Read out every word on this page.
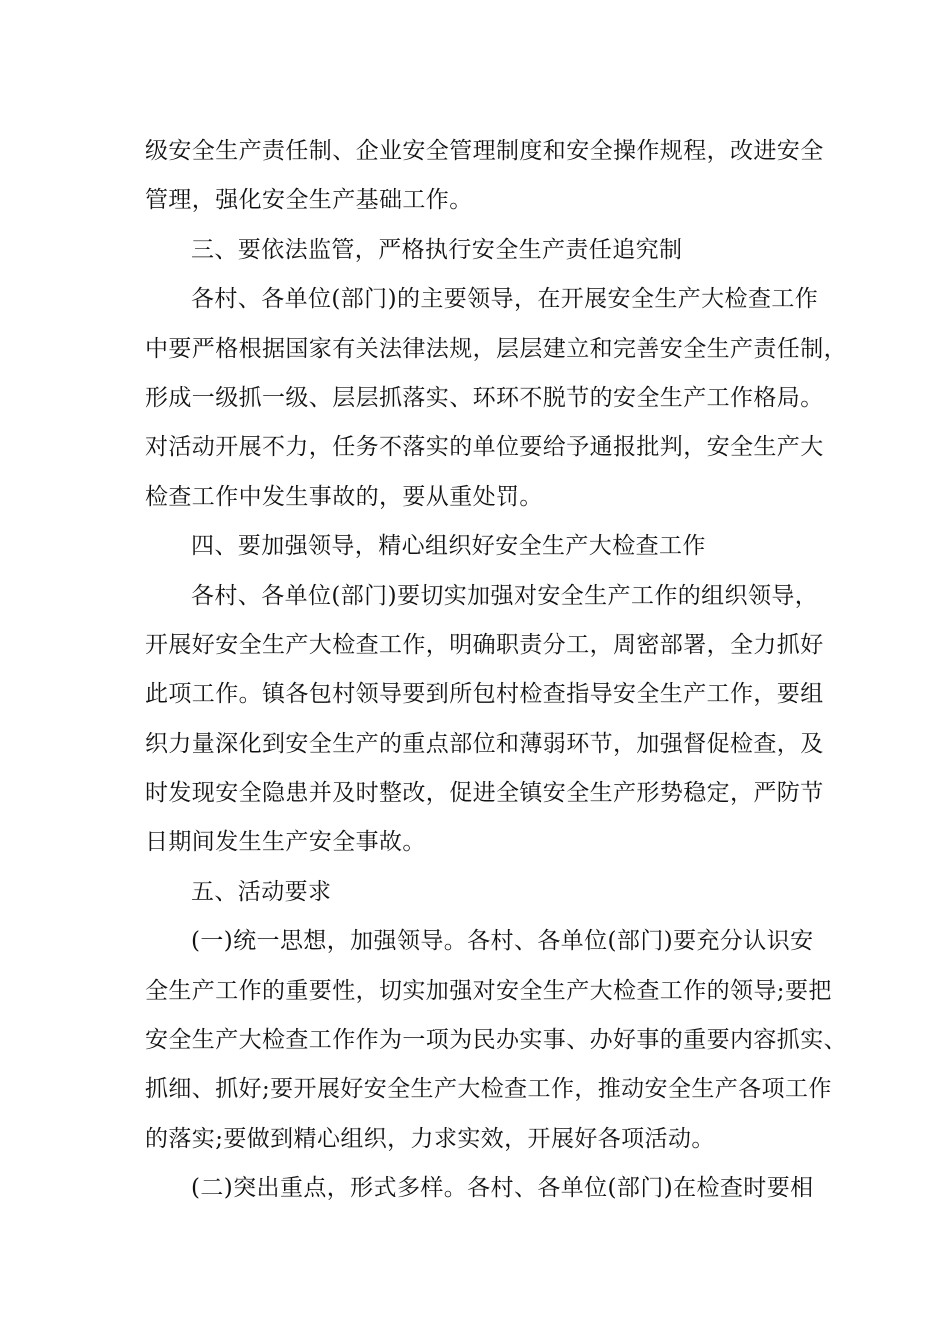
级安全生产责任制、企业安全管理制度和安全操作规程，改进安全
管理，强化安全生产基础工作。
三、要依法监管，严格执行安全生产责任追究制
各村、各单位(部门)的主要领导，在开展安全生产大检查工作
中要严格根据国家有关法律法规，层层建立和完善安全生产责任制，
形成一级抓一级、层层抓落实、环环不脱节的安全生产工作格局。
对活动开展不力，任务不落实的单位要给予通报批判，安全生产大
检查工作中发生事故的，要从重处罚。
四、要加强领导，精心组织好安全生产大检查工作
各村、各单位(部门)要切实加强对安全生产工作的组织领导，
开展好安全生产大检查工作，明确职责分工，周密部署，全力抓好
此项工作。镇各包村领导要到所包村检查指导安全生产工作，要组
织力量深化到安全生产的重点部位和薄弱环节，加强督促检查，及
时发现安全隐患并及时整改，促进全镇安全生产形势稳定，严防节
日期间发生生产安全事故。
五、活动要求
(一)统一思想，加强领导。各村、各单位(部门)要充分认识安
全生产工作的重要性，切实加强对安全生产大检查工作的领导;要把
安全生产大检查工作作为一项为民办实事、办好事的重要内容抓实、
抓细、抓好;要开展好安全生产大检查工作，推动安全生产各项工作
的落实;要做到精心组织，力求实效，开展好各项活动。
(二)突出重点，形式多样。各村、各单位(部门)在检查时要相
